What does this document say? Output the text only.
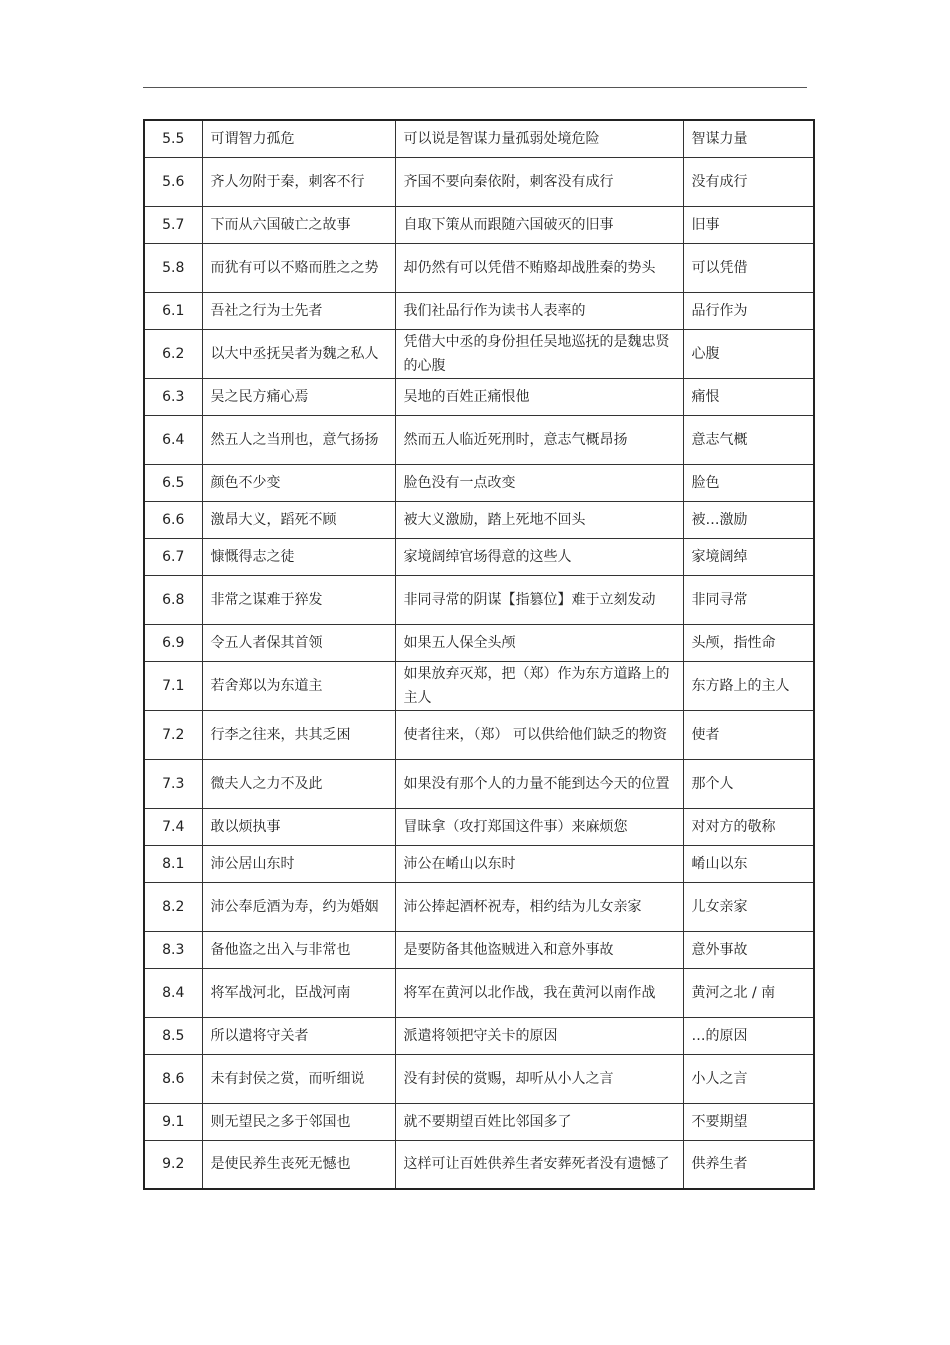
5.5	可谓智力孤危	可以说是智谋力量孤弱处境危险	智谋力量
5.6	齐人勿附于秦，刺客不行	齐国不要向秦依附，刺客没有成行	没有成行
5.7	下而从六国破亡之故事	自取下策从而跟随六国破灭的旧事	旧事
5.8	而犹有可以不赂而胜之之势	却仍然有可以凭借不贿赂却战胜秦的势头	可以凭借
6.1	吾社之行为士先者	我们社品行作为读书人表率的	品行作为
6.2	以大中丞抚吴者为魏之私人	凭借大中丞的身份担任吴地巡抚的是魏忠贤的心腹	心腹
6.3	吴之民方痛心焉	吴地的百姓正痛恨他	痛恨
6.4	然五人之当刑也，意气扬扬	然而五人临近死刑时，意志气概昂扬	意志气概
6.5	颜色不少变	脸色没有一点改变	脸色
6.6	激昂大义，蹈死不顾	被大义激励，踏上死地不回头	被…激励
6.7	慷慨得志之徒	家境阔绰官场得意的这些人	家境阔绰
6.8	非常之谋难于猝发	非同寻常的阴谋【指篡位】难于立刻发动	非同寻常
6.9	令五人者保其首领	如果五人保全头颅	头颅，指性命
7.1	若舍郑以为东道主	如果放弃灭郑，把（郑）作为东方道路上的主人	东方路上的主人
7.2	行李之往来，共其乏困	使者往来，（郑） 可以供给他们缺乏的物资	使者
7.3	微夫人之力不及此	如果没有那个人的力量不能到达今天的位置	那个人
7.4	敢以烦执事	冒昧拿（攻打郑国这件事）来麻烦您	对对方的敬称
8.1	沛公居山东时	沛公在崤山以东时	崤山以东
8.2	沛公奉卮酒为寿，约为婚姻	沛公捧起酒杯祝寿，相约结为儿女亲家	儿女亲家
8.3	备他盗之出入与非常也	是要防备其他盗贼进入和意外事故	意外事故
8.4	将军战河北，臣战河南	将军在黄河以北作战，我在黄河以南作战	黄河之北 / 南
8.5	所以遣将守关者	派遣将领把守关卡的原因	…的原因
8.6	未有封侯之赏，而听细说	没有封侯的赏赐，却听从小人之言	小人之言
9.1	则无望民之多于邻国也	就不要期望百姓比邻国多了	不要期望
9.2	是使民养生丧死无憾也	这样可让百姓供养生者安葬死者没有遗憾了	供养生者
